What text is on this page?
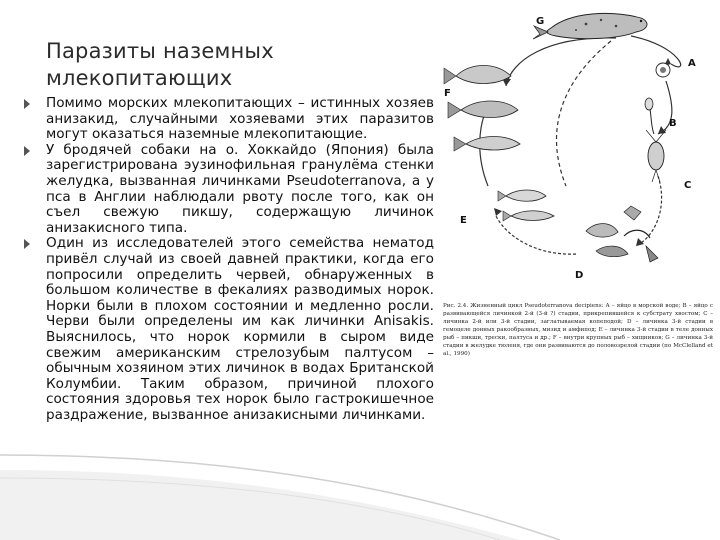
Паразиты наземных
млекопитающих
Помимо морских млекопитающих – истинных хозяев анизакид, случайными хозяевами этих паразитов могут оказаться наземные млекопитающие.
У бродячей собаки на о. Хоккайдо (Япония) была зарегистрирована эузинофильная гранулёма стенки желудка, вызванная личинками Pseudoterranova, а у пса в Англии наблюдали рвоту после того, как он съел свежую пикшу, содержащую личинок анизакисного типа.
Один из исследователей этого семейства нематод привёл случай из своей давней практики, когда его попросили определить червей, обнаруженных в большом количестве в фекалиях разводимых норок. Норки были в плохом состоянии и медленно росли. Черви были определены им как личинки Anisakis. Выяснилось, что норок кормили в сыром виде свежим американским стрелозубым палтусом – обычным хозяином этих личинок в водах Британской Колумбии. Таким образом, причиной плохого состояния здоровья тех норок было гастрокишечное раздражение, вызванное анизакисными личинками.
G
A
B
C
D
E
F

Рис. 2.4. Жизненный цикл Pseudoterranova decipiens: А – яйцо в морской воде; В – яйцо с развивающейся личинкой 2-й (3-й ?) стадии, прикрепившейся к субстрату хвостом; С – личинка 2-й или 3-й стадии, заглатываемая копеподой; D – личинка 3-й стадии в гемоцеле донных ракообразных, мизид и амфипод; E – личинка 3-й стадии в теле донных рыб – пикши, трески, палтуса и др.; F – внутри крупных рыб – хищников; G – личинка 3-й стадии в желудке тюленя, где они развиваются до половозрелой стадии (по McClelland et al., 1990)
